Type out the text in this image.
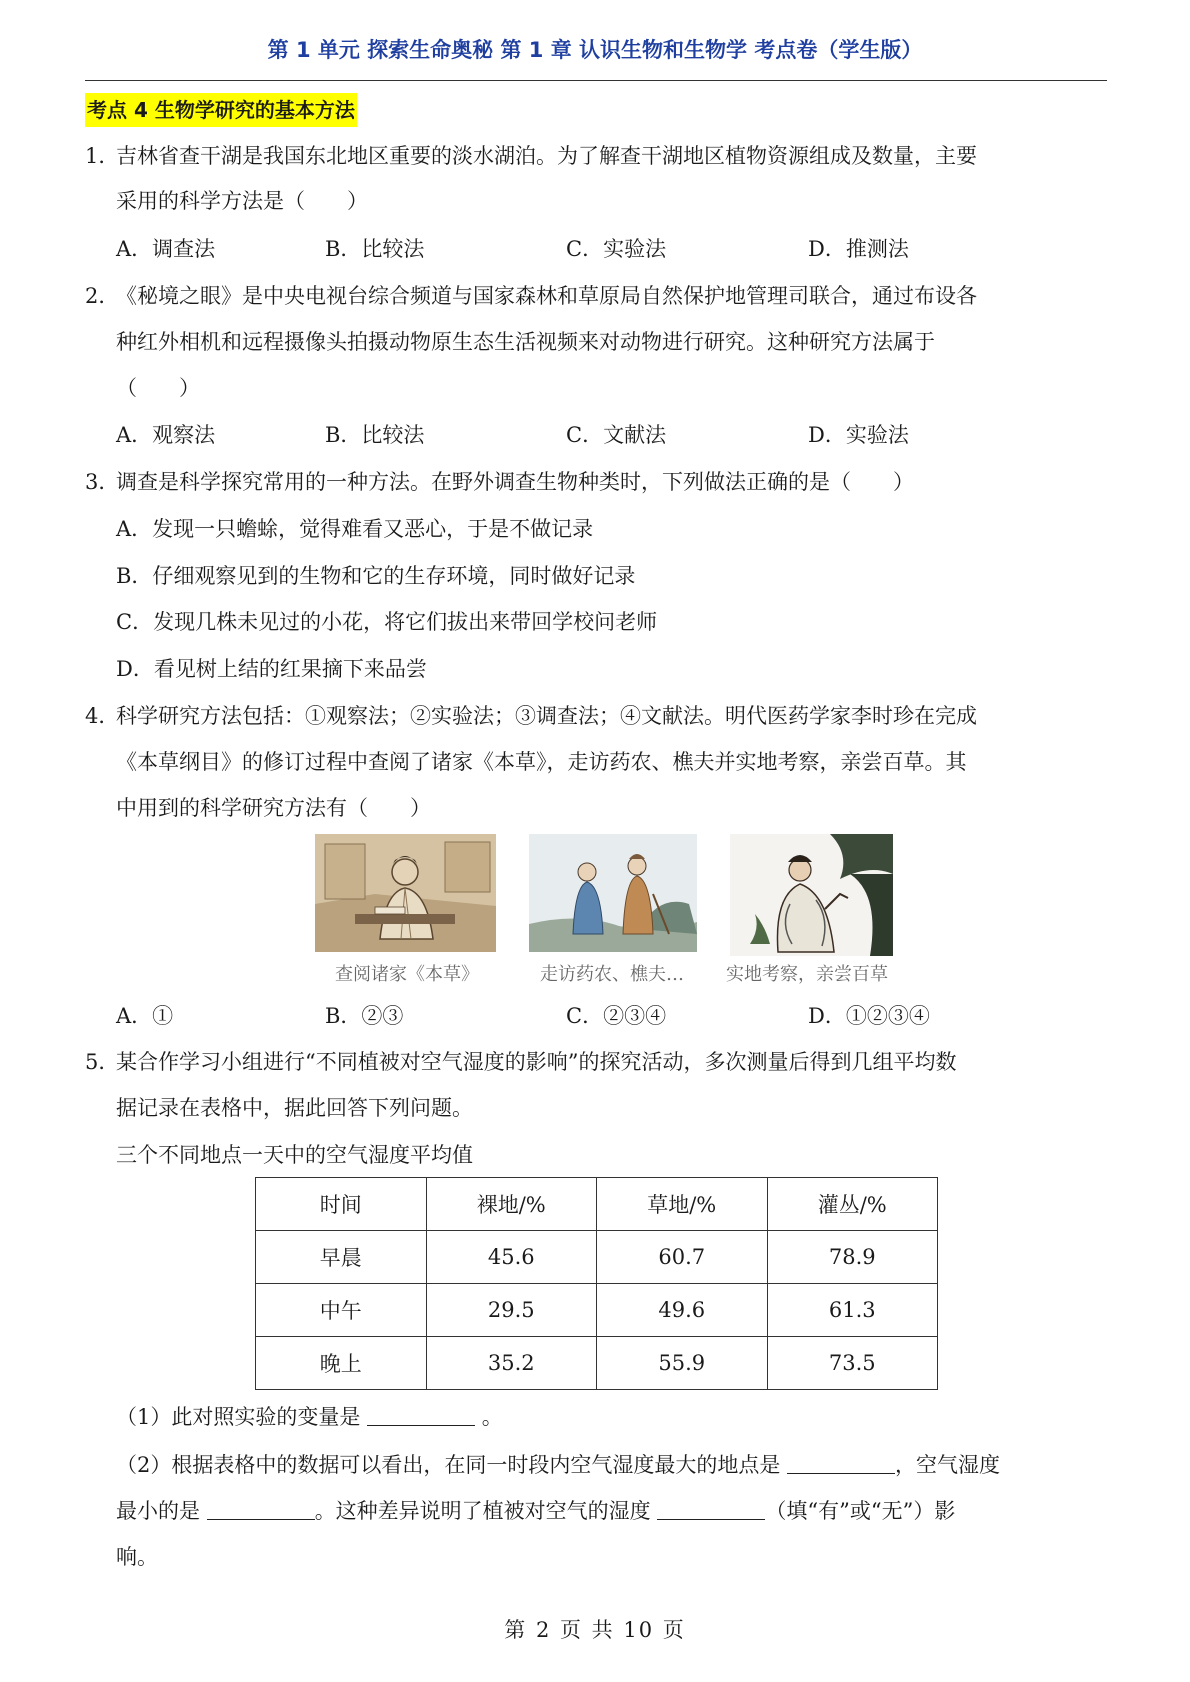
第 1 单元 探索生命奥秘 第 1 章 认识生物和生物学 考点卷（学生版）
考点 4 生物学研究的基本方法
1．
吉林省查干湖是我国东北地区重要的淡水湖泊。为了解查干湖地区植物资源组成及数量，主要
采用的科学方法是（　　）
A．调查法	B．比较法	C．实验法	D．推测法
2．
《秘境之眼》是中央电视台综合频道与国家森林和草原局自然保护地管理司联合，通过布设各
种红外相机和远程摄像头拍摄动物原生态生活视频来对动物进行研究。这种研究方法属于
（　　）
A．观察法	B．比较法	C．文献法	D．实验法
3．
调查是科学探究常用的一种方法。在野外调查生物种类时，下列做法正确的是（　　）
A．发现一只蟾蜍，觉得难看又恶心，于是不做记录
B．仔细观察见到的生物和它的生存环境，同时做好记录
C．发现几株未见过的小花，将它们拔出来带回学校问老师
D．看见树上结的红果摘下来品尝
4．
科学研究方法包括：①观察法；②实验法；③调查法；④文献法。明代医药学家李时珍在完成
《本草纲目》的修订过程中查阅了诸家《本草》，走访药农、樵夫并实地考察，亲尝百草。其
中用到的科学研究方法有（　　）
查阅诸家《本草》	走访药农、樵夫… 实地考察，亲尝百草
A．①	B．②③	C．②③④	D．①②③④
5．
某合作学习小组进行“不同植被对空气湿度的影响”的探究活动，多次测量后得到几组平均数
据记录在表格中，据此回答下列问题。
三个不同地点一天中的空气湿度平均值
时间	裸地/%	草地/%	灌丛/%
早晨	45.6	60.7	78.9
中午	29.5	49.6	61.3
晚上	35.2	55.9	73.5
（1）此对照实验的变量是	。
（2）根据表格中的数据可以看出，在同一时段内空气湿度最大的地点是	，空气湿度
最小的是	。这种差异说明了植被对空气的湿度	（填“有”或“无”）影
响。
第 2 页 共 10 页
